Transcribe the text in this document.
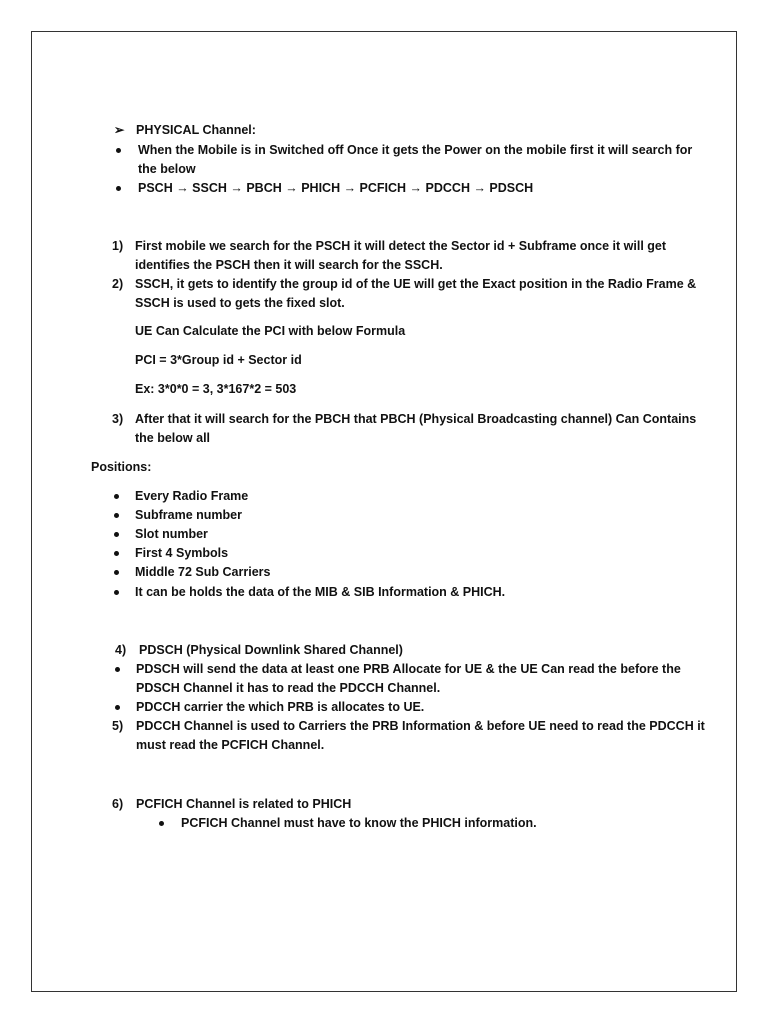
➢ PHYSICAL Channel:
When the Mobile is in Switched off Once it gets the Power on the mobile first it will search for
the below
PSCH → SSCH → PBCH → PHICH → PCFICH → PDCCH → PDSCH
1) First mobile we search for the PSCH it will detect the Sector id + Subframe once it will get
identifies the PSCH then it will search for the SSCH.
2) SSCH, it gets to identify the group id of the UE will get the Exact position in the Radio Frame &
SSCH is used to gets the fixed slot.
UE Can Calculate the PCI with below Formula
PCI = 3*Group id + Sector id
Ex: 3*0*0 = 3, 3*167*2 = 503
3) After that it will search for the PBCH that PBCH (Physical Broadcasting channel) Can Contains
the below all
Positions:
Every Radio Frame
Subframe number
Slot number
First 4 Symbols
Middle 72 Sub Carriers
It can be holds the data of the MIB & SIB Information & PHICH.
4) PDSCH (Physical Downlink Shared Channel)
PDSCH will send the data at least one PRB Allocate for UE & the UE Can read the before the
PDSCH Channel it has to read the PDCCH Channel.
PDCCH carrier the which PRB is allocates to UE.
5) PDCCH Channel is used to Carriers the PRB Information & before UE need to read the PDCCH it
must read the PCFICH Channel.
6) PCFICH Channel is related to PHICH
PCFICH Channel must have to know the PHICH information.
